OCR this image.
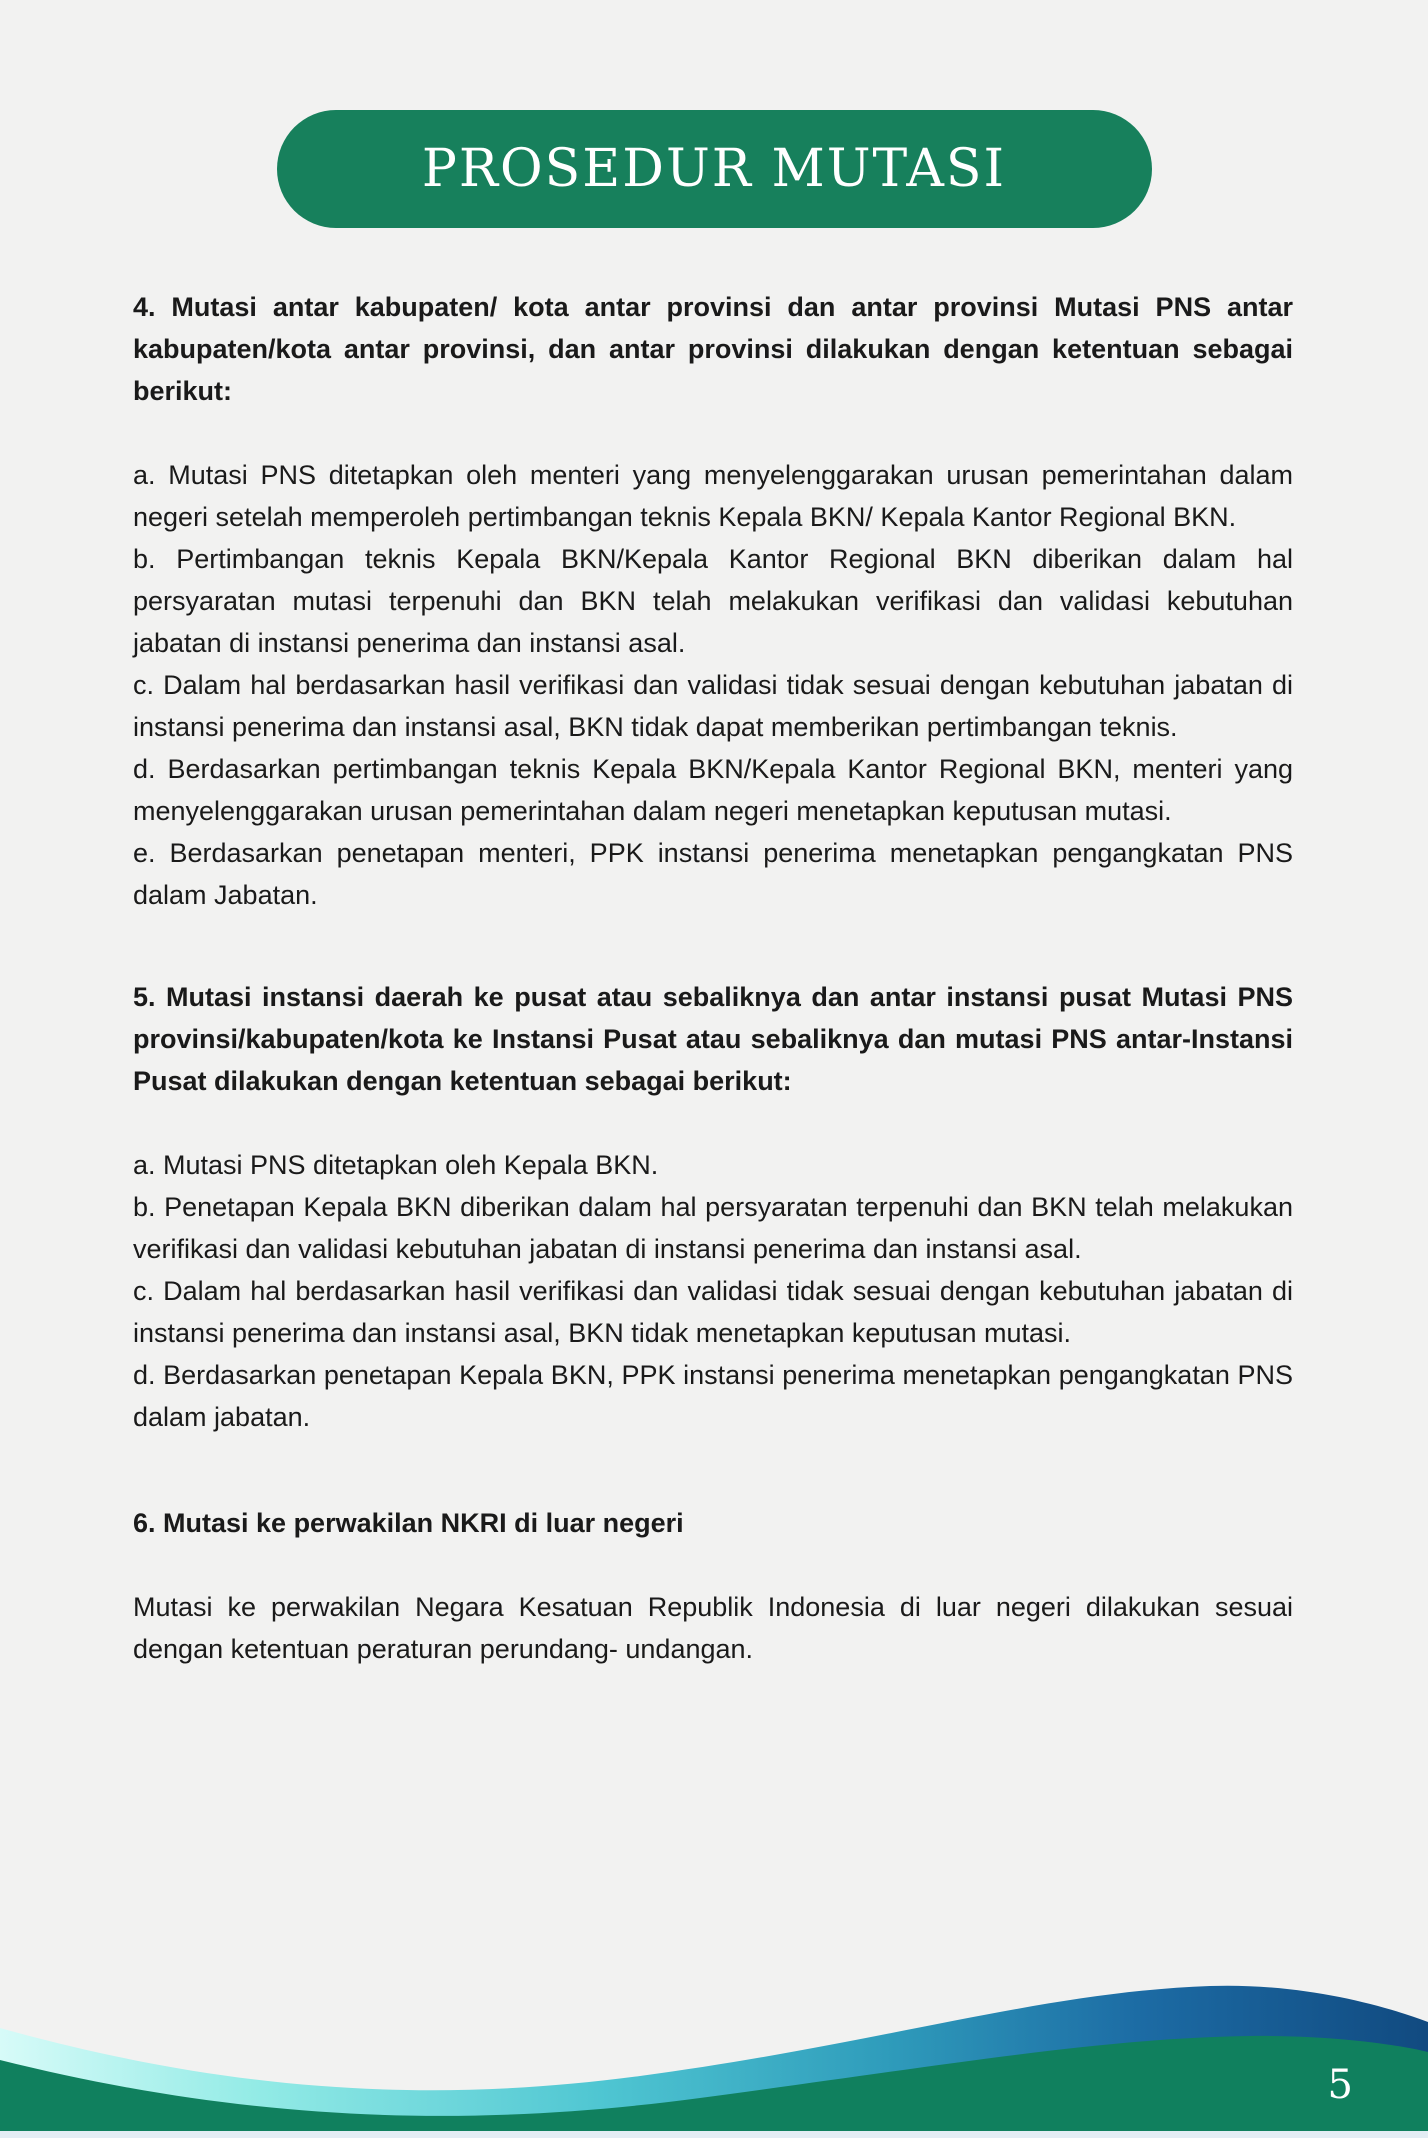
PROSEDUR MUTASI

4. Mutasi antar kabupaten/ kota antar provinsi dan antar provinsi Mutasi PNS antar kabupaten/kota antar provinsi, dan antar provinsi dilakukan dengan ketentuan sebagai berikut:

a. Mutasi PNS ditetapkan oleh menteri yang menyelenggarakan urusan pemerintahan dalam negeri setelah memperoleh pertimbangan teknis Kepala BKN/ Kepala Kantor Regional BKN.

b. Pertimbangan teknis Kepala BKN/Kepala Kantor Regional BKN diberikan dalam hal persyaratan mutasi terpenuhi dan BKN telah melakukan verifikasi dan validasi kebutuhan jabatan di instansi penerima dan instansi asal.

c. Dalam hal berdasarkan hasil verifikasi dan validasi tidak sesuai dengan kebutuhan jabatan di instansi penerima dan instansi asal, BKN tidak dapat memberikan pertimbangan teknis.

d. Berdasarkan pertimbangan teknis Kepala BKN/Kepala Kantor Regional BKN, menteri yang menyelenggarakan urusan pemerintahan dalam negeri menetapkan keputusan mutasi.

e. Berdasarkan penetapan menteri, PPK instansi penerima menetapkan pengangkatan PNS dalam Jabatan.

5. Mutasi instansi daerah ke pusat atau sebaliknya dan antar instansi pusat Mutasi PNS provinsi/kabupaten/kota ke Instansi Pusat atau sebaliknya dan mutasi PNS antar-Instansi Pusat dilakukan dengan ketentuan sebagai berikut:

a. Mutasi PNS ditetapkan oleh Kepala BKN.

b. Penetapan Kepala BKN diberikan dalam hal persyaratan terpenuhi dan BKN telah melakukan verifikasi dan validasi kebutuhan jabatan di instansi penerima dan instansi asal.

c. Dalam hal berdasarkan hasil verifikasi dan validasi tidak sesuai dengan kebutuhan jabatan di instansi penerima dan instansi asal, BKN tidak menetapkan keputusan mutasi.

d. Berdasarkan penetapan Kepala BKN, PPK instansi penerima menetapkan pengangkatan PNS dalam jabatan.

6. Mutasi ke perwakilan NKRI di luar negeri

Mutasi ke perwakilan Negara Kesatuan Republik Indonesia di luar negeri dilakukan sesuai dengan ketentuan peraturan perundang- undangan.

5
